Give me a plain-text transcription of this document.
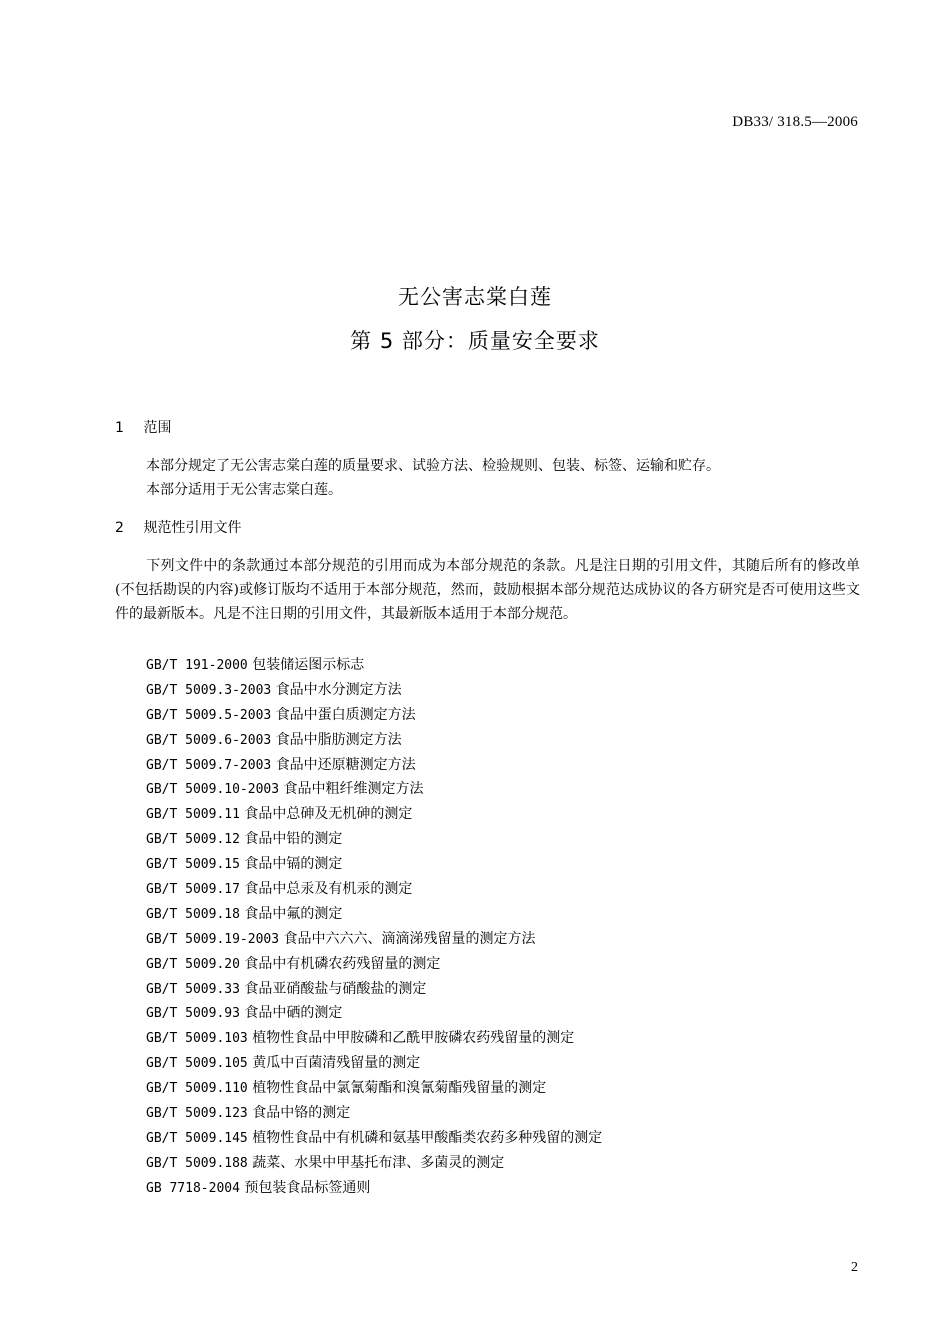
DB33/ 318.5—2006
无公害志棠白莲
第 5 部分：质量安全要求
1 范围
本部分规定了无公害志棠白莲的质量要求、试验方法、检验规则、包装、标签、运输和贮存。
本部分适用于无公害志棠白莲。
2 规范性引用文件
下列文件中的条款通过本部分规范的引用而成为本部分规范的条款。凡是注日期的引用文件，其随后所有的修改单(不包括勘误的内容)或修订版均不适用于本部分规范，然而，鼓励根据本部分规范达成协议的各方研究是否可使用这些文件的最新版本。凡是不注日期的引用文件，其最新版本适用于本部分规范。
GB/T 191-2000 包装储运图示标志
GB/T 5009.3-2003 食品中水分测定方法
GB/T 5009.5-2003 食品中蛋白质测定方法
GB/T 5009.6-2003 食品中脂肪测定方法
GB/T 5009.7-2003 食品中还原糖测定方法
GB/T 5009.10-2003 食品中粗纤维测定方法
GB/T 5009.11 食品中总砷及无机砷的测定
GB/T 5009.12 食品中铅的测定
GB/T 5009.15 食品中镉的测定
GB/T 5009.17 食品中总汞及有机汞的测定
GB/T 5009.18 食品中氟的测定
GB/T 5009.19-2003 食品中六六六、滴滴涕残留量的测定方法
GB/T 5009.20 食品中有机磷农药残留量的测定
GB/T 5009.33 食品亚硝酸盐与硝酸盐的测定
GB/T 5009.93 食品中硒的测定
GB/T 5009.103 植物性食品中甲胺磷和乙酰甲胺磷农药残留量的测定
GB/T 5009.105 黄瓜中百菌清残留量的测定
GB/T 5009.110 植物性食品中氯氰菊酯和溴氰菊酯残留量的测定
GB/T 5009.123 食品中铬的测定
GB/T 5009.145 植物性食品中有机磷和氨基甲酸酯类农药多种残留的测定
GB/T 5009.188 蔬菜、水果中甲基托布津、多菌灵的测定
GB 7718-2004 预包装食品标签通则
2
